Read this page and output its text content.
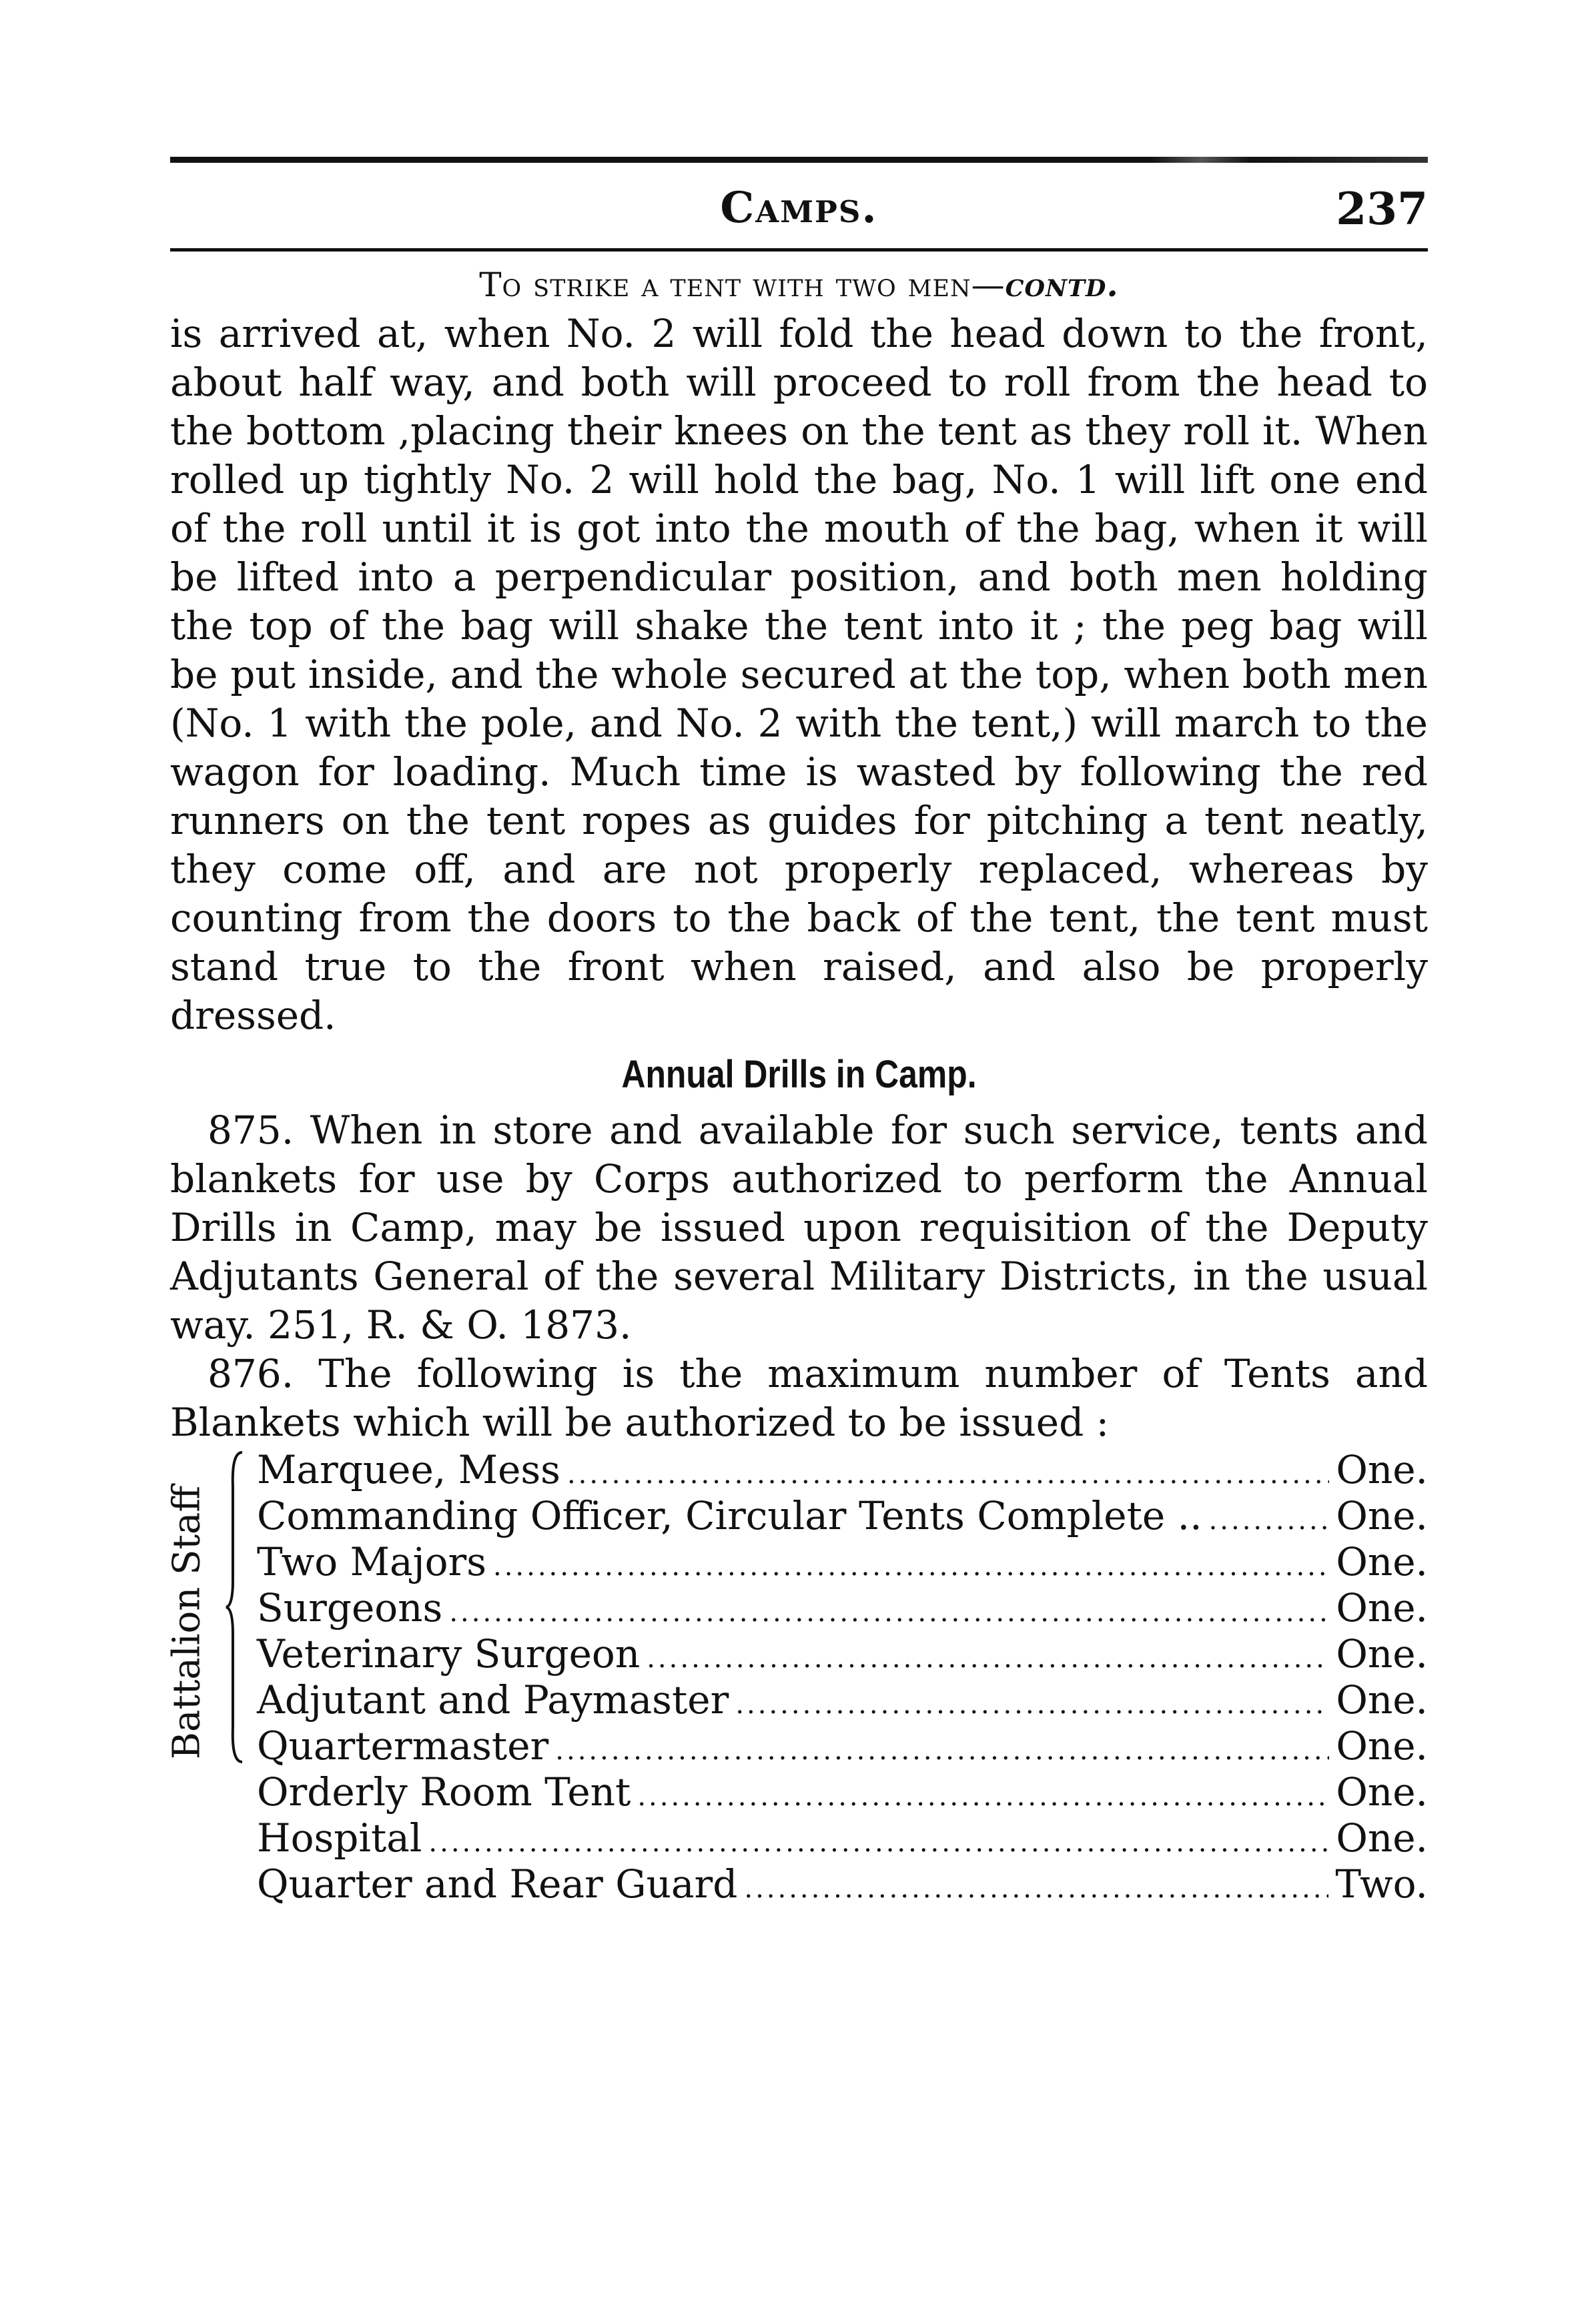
Camps.	237
To strike a tent with two men—contd.

is arrived at, when No. 2 will fold the head down to the front, about half way, and both will proceed to roll from the head to the bottom ,placing their knees on the tent as they roll it. When rolled up tightly No. 2 will hold the bag, No. 1 will lift one end of the roll until it is got into the mouth of the bag, when it will be lifted into a perpendicular position, and both men holding the top of the bag will shake the tent into it ; the peg bag will be put inside, and the whole secured at the top, when both men (No. 1 with the pole, and No. 2 with the tent,) will march to the wagon for loading. Much time is wasted by following the red runners on the tent ropes as guides for pitching a tent neatly, they come off, and are not properly replaced, whereas by counting from the doors to the back of the tent, the tent must stand true to the front when raised, and also be properly dressed.

Annual Drills in Camp.

875. When in store and available for such service, tents and blankets for use by Corps authorized to perform the Annual Drills in Camp, may be issued upon requisition of the Deputy Adjutants General of the several Military Districts, in the usual way. 251, R. & O. 1873.

876. The following is the maximum number of Tents and Blankets which will be authorized to be issued :

Battalion Staff
Marquee, Mess .....	One.
Commanding Officer, Circular Tents Complete .. .....	One.
Two Majors .....	One.
Surgeons .....	One.
Veterinary Surgeon .....	One.
Adjutant and Paymaster .....	One.
Quartermaster .....	One.
Orderly Room Tent .....	One.
Hospital .....	One.
Quarter and Rear Guard .....	Two.
